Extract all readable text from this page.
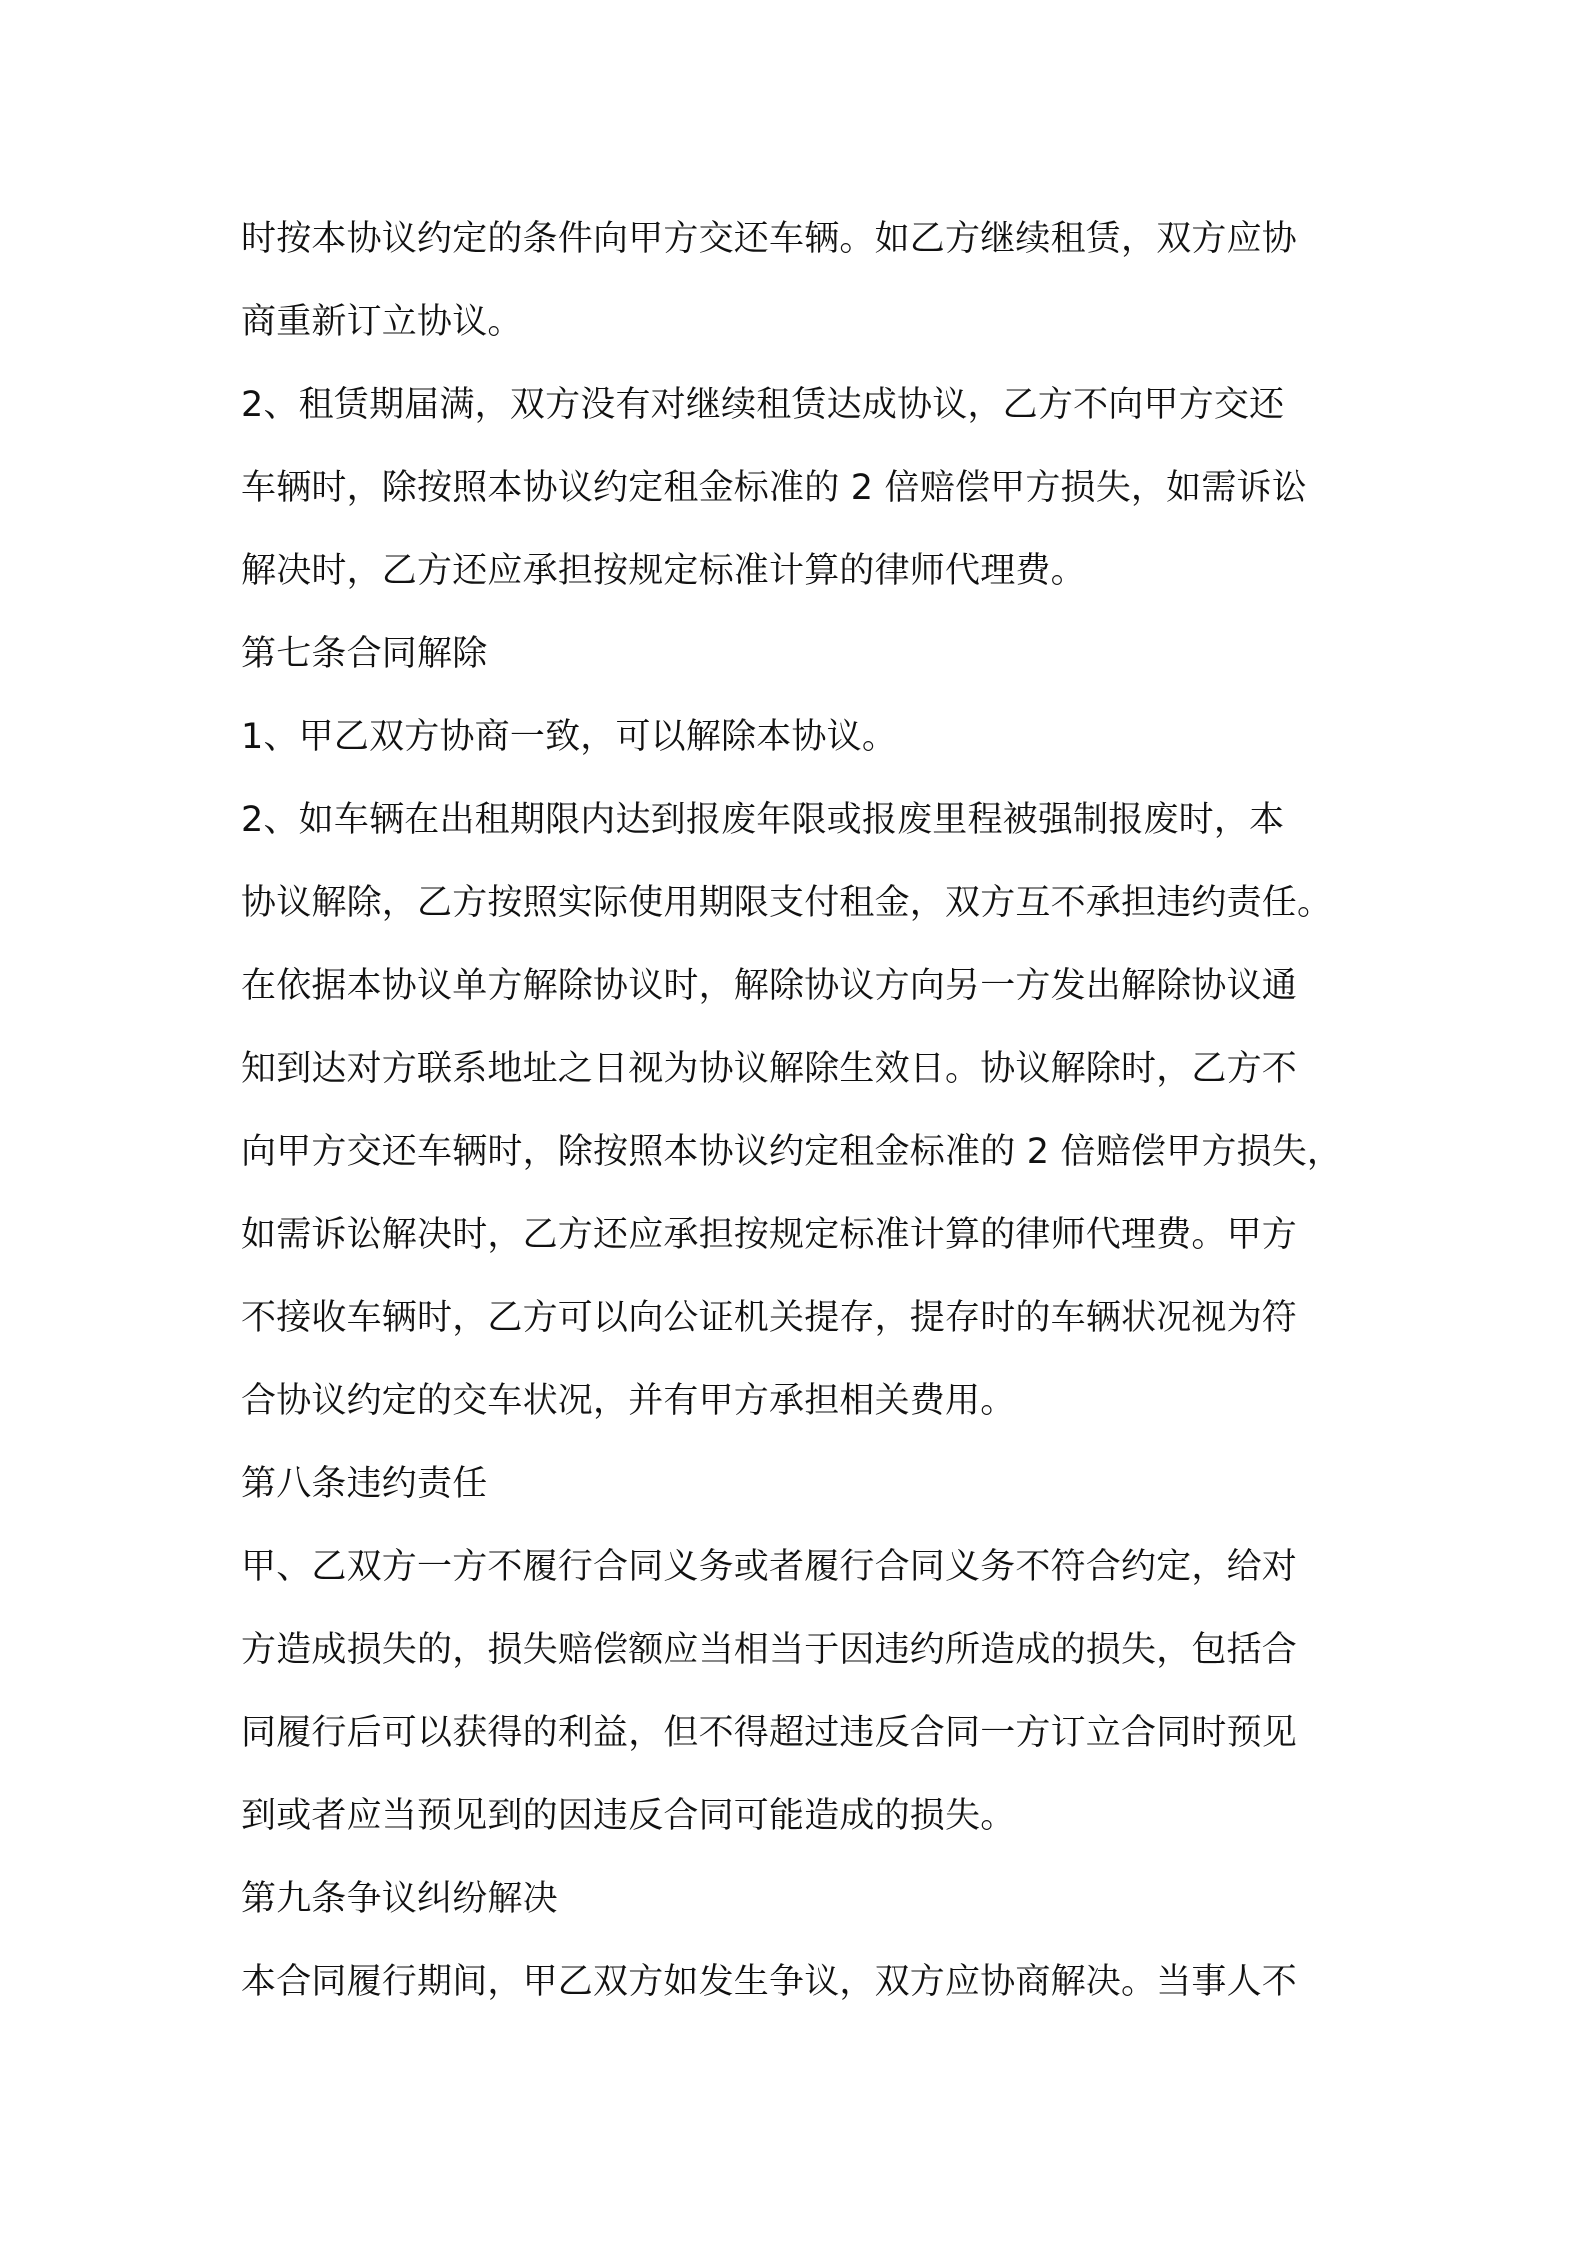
时按本协议约定的条件向甲方交还车辆。如乙方继续租赁，双方应协
商重新订立协议。
2、租赁期届满，双方没有对继续租赁达成协议，乙方不向甲方交还
车辆时，除按照本协议约定租金标准的 2 倍赔偿甲方损失，如需诉讼
解决时，乙方还应承担按规定标准计算的律师代理费。
第七条合同解除
1、甲乙双方协商一致，可以解除本协议。
2、如车辆在出租期限内达到报废年限或报废里程被强制报废时，本
协议解除，乙方按照实际使用期限支付租金，双方互不承担违约责任。
在依据本协议单方解除协议时，解除协议方向另一方发出解除协议通
知到达对方联系地址之日视为协议解除生效日。协议解除时，乙方不
向甲方交还车辆时，除按照本协议约定租金标准的 2 倍赔偿甲方损失，
如需诉讼解决时，乙方还应承担按规定标准计算的律师代理费。甲方
不接收车辆时，乙方可以向公证机关提存，提存时的车辆状况视为符
合协议约定的交车状况，并有甲方承担相关费用。
第八条违约责任
甲、乙双方一方不履行合同义务或者履行合同义务不符合约定，给对
方造成损失的，损失赔偿额应当相当于因违约所造成的损失，包括合
同履行后可以获得的利益，但不得超过违反合同一方订立合同时预见
到或者应当预见到的因违反合同可能造成的损失。
第九条争议纠纷解决
本合同履行期间，甲乙双方如发生争议，双方应协商解决。当事人不
